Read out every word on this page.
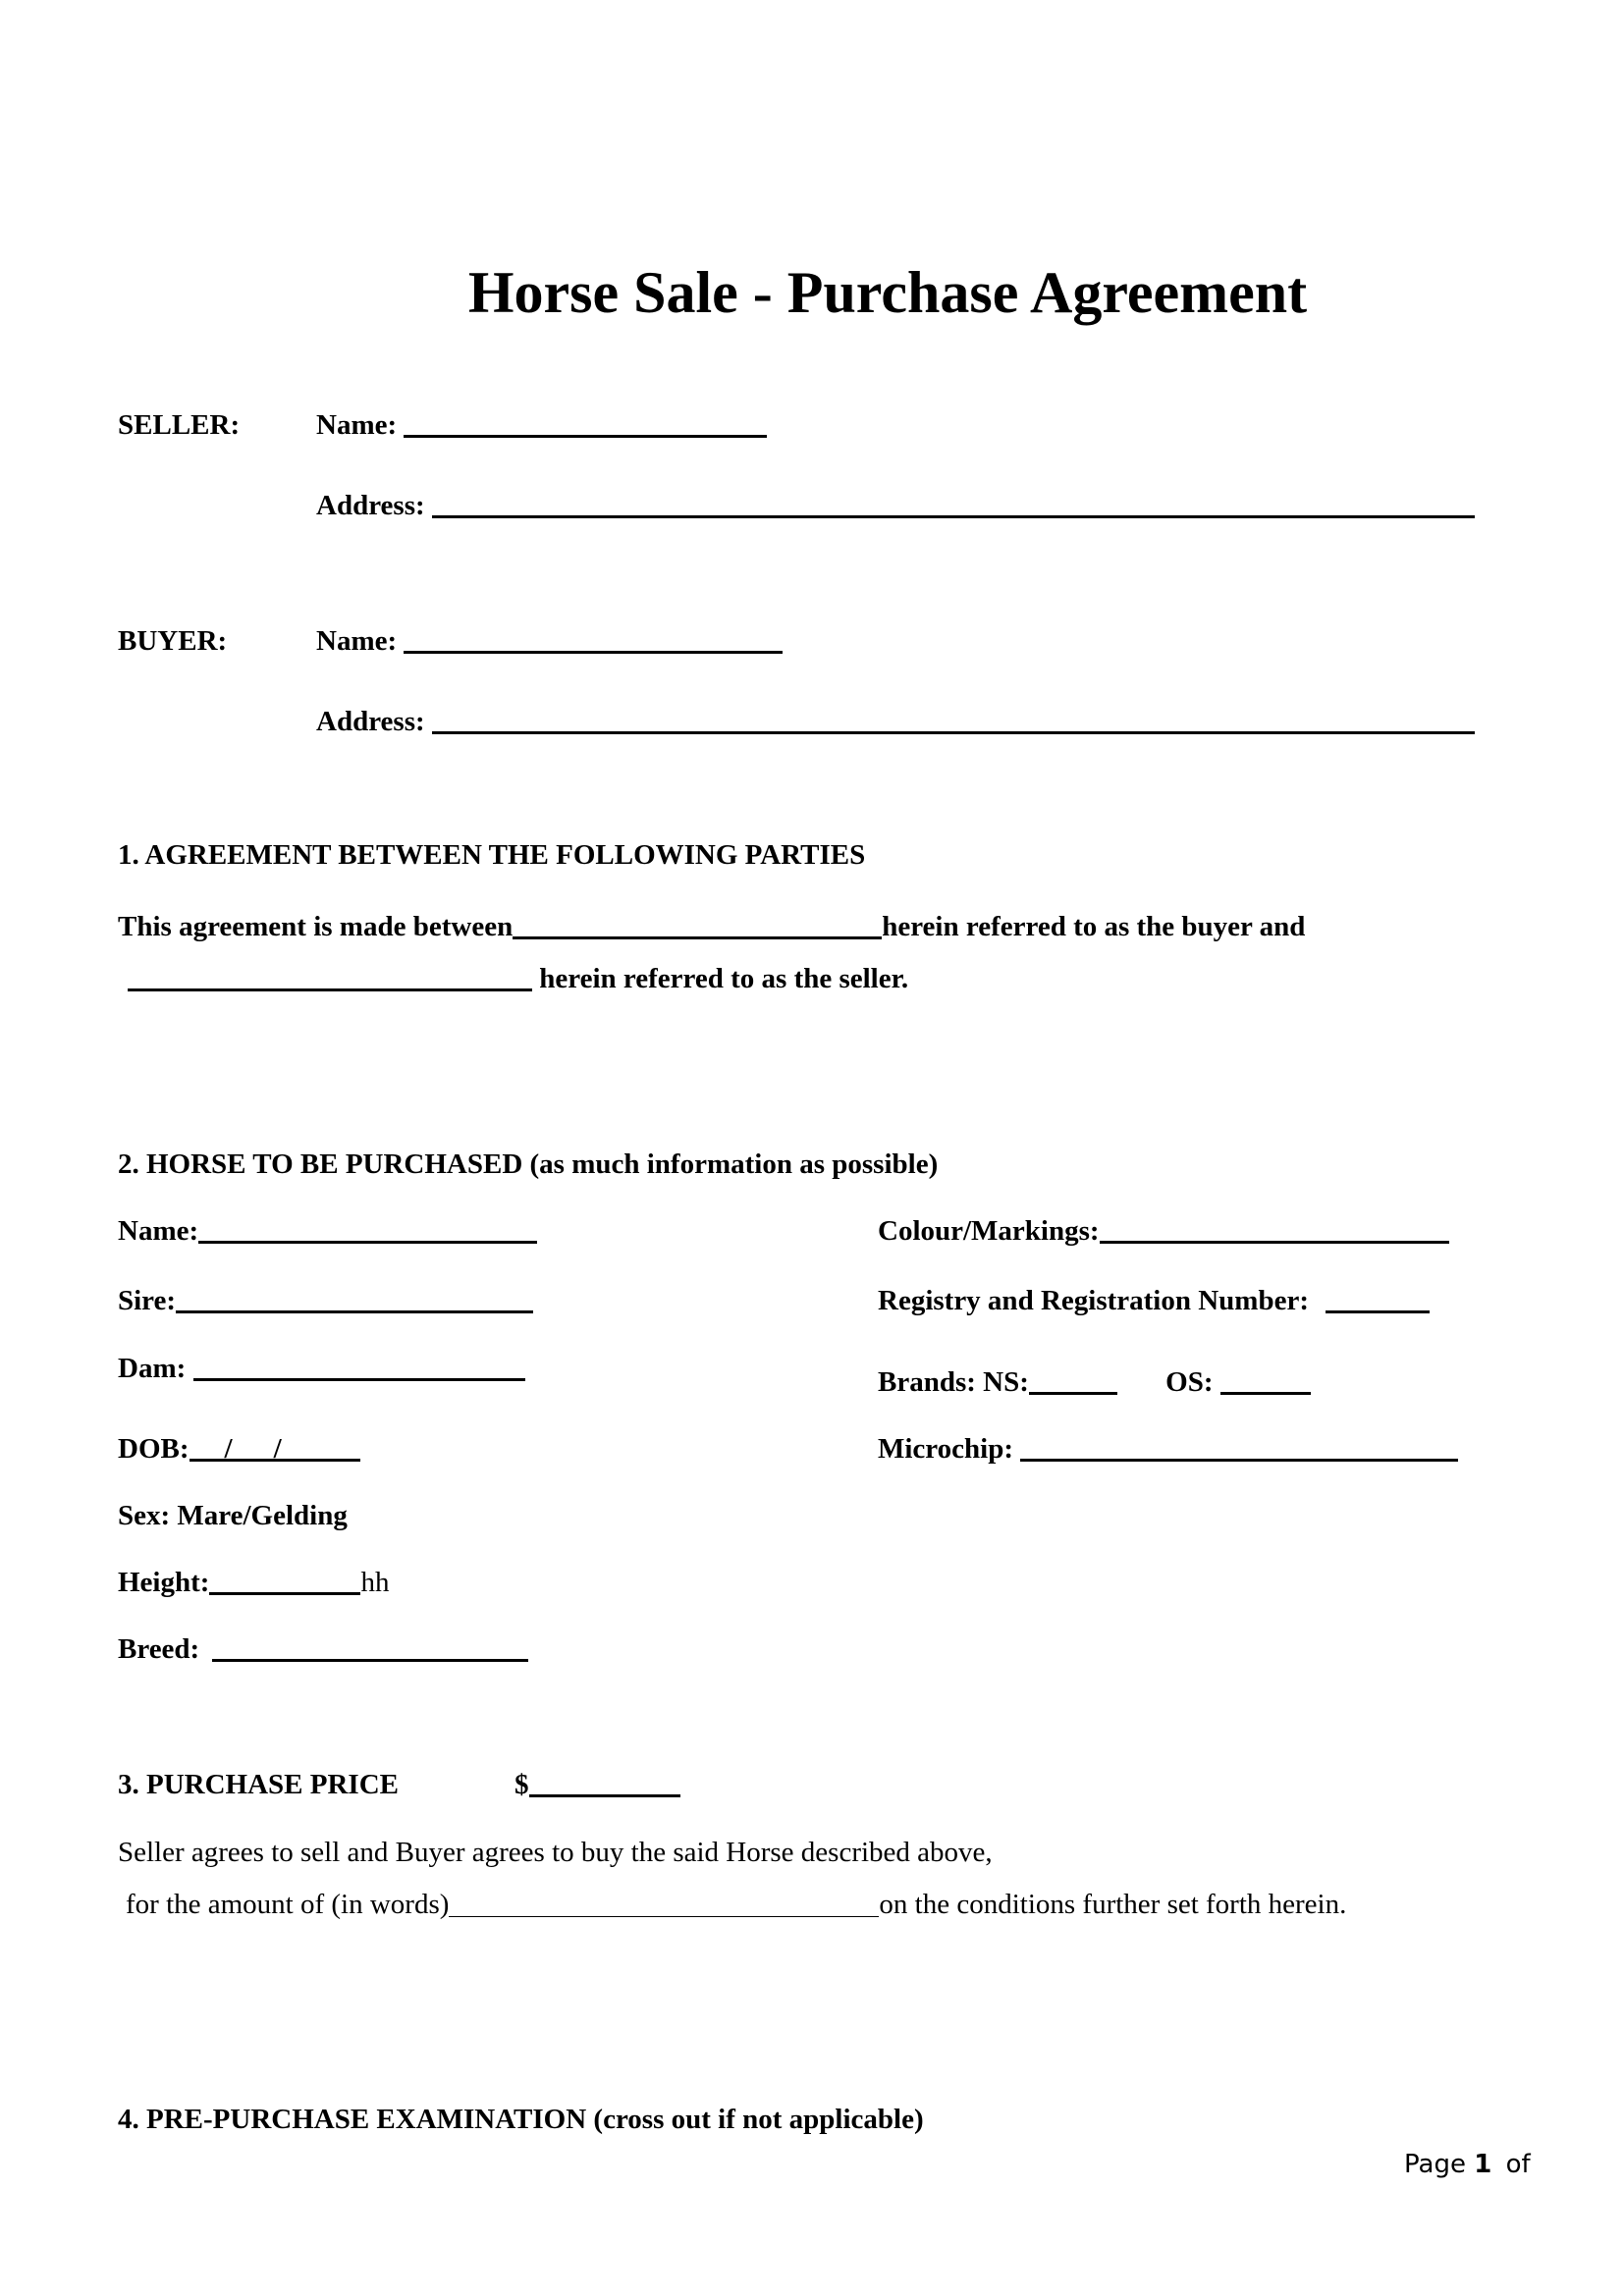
Horse Sale - Purchase Agreement
SELLER:	Name:
Address:
BUYER:	Name:
Address:
1. AGREEMENT BETWEEN THE FOLLOWING PARTIES
This agreement is made between	herein referred to as the buyer and
herein referred to as the seller.
2. HORSE TO BE PURCHASED (as much information as possible)
Name:
Sire:
Dam:
DOB: / /
Sex: Mare/Gelding
Height:	hh
Breed:
Colour/Markings:
Registry and Registration Number:
Brands: NS:	OS:
Microchip:
3. PURCHASE PRICE	$
Seller agrees to sell and Buyer agrees to buy the said Horse described above,
for the amount of (in words)	on the conditions further set forth herein.
4. PRE-PURCHASE EXAMINATION (cross out if not applicable)
Page 1 of
